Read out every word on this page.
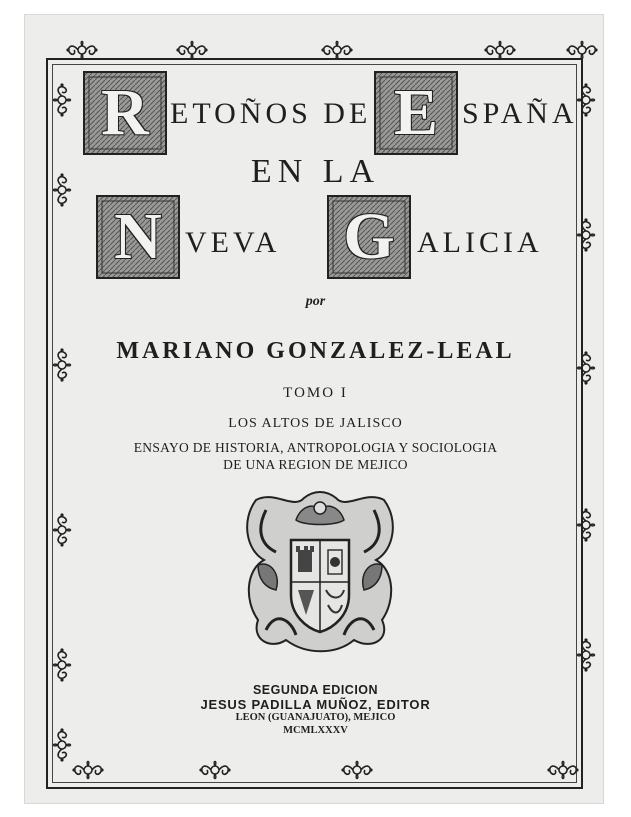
R ETOÑOS DE E SPAÑA
EN LA
N VEVA G ALICIA
por
MARIANO GONZALEZ-LEAL
TOMO I
LOS ALTOS DE JALISCO
ENSAYO DE HISTORIA, ANTROPOLOGIA Y SOCIOLOGIA
DE UNA REGION DE MEJICO
SEGUNDA EDICION
JESUS PADILLA MUÑOZ, EDITOR
LEON (GUANAJUATO), MEJICO
MCMLXXXV
